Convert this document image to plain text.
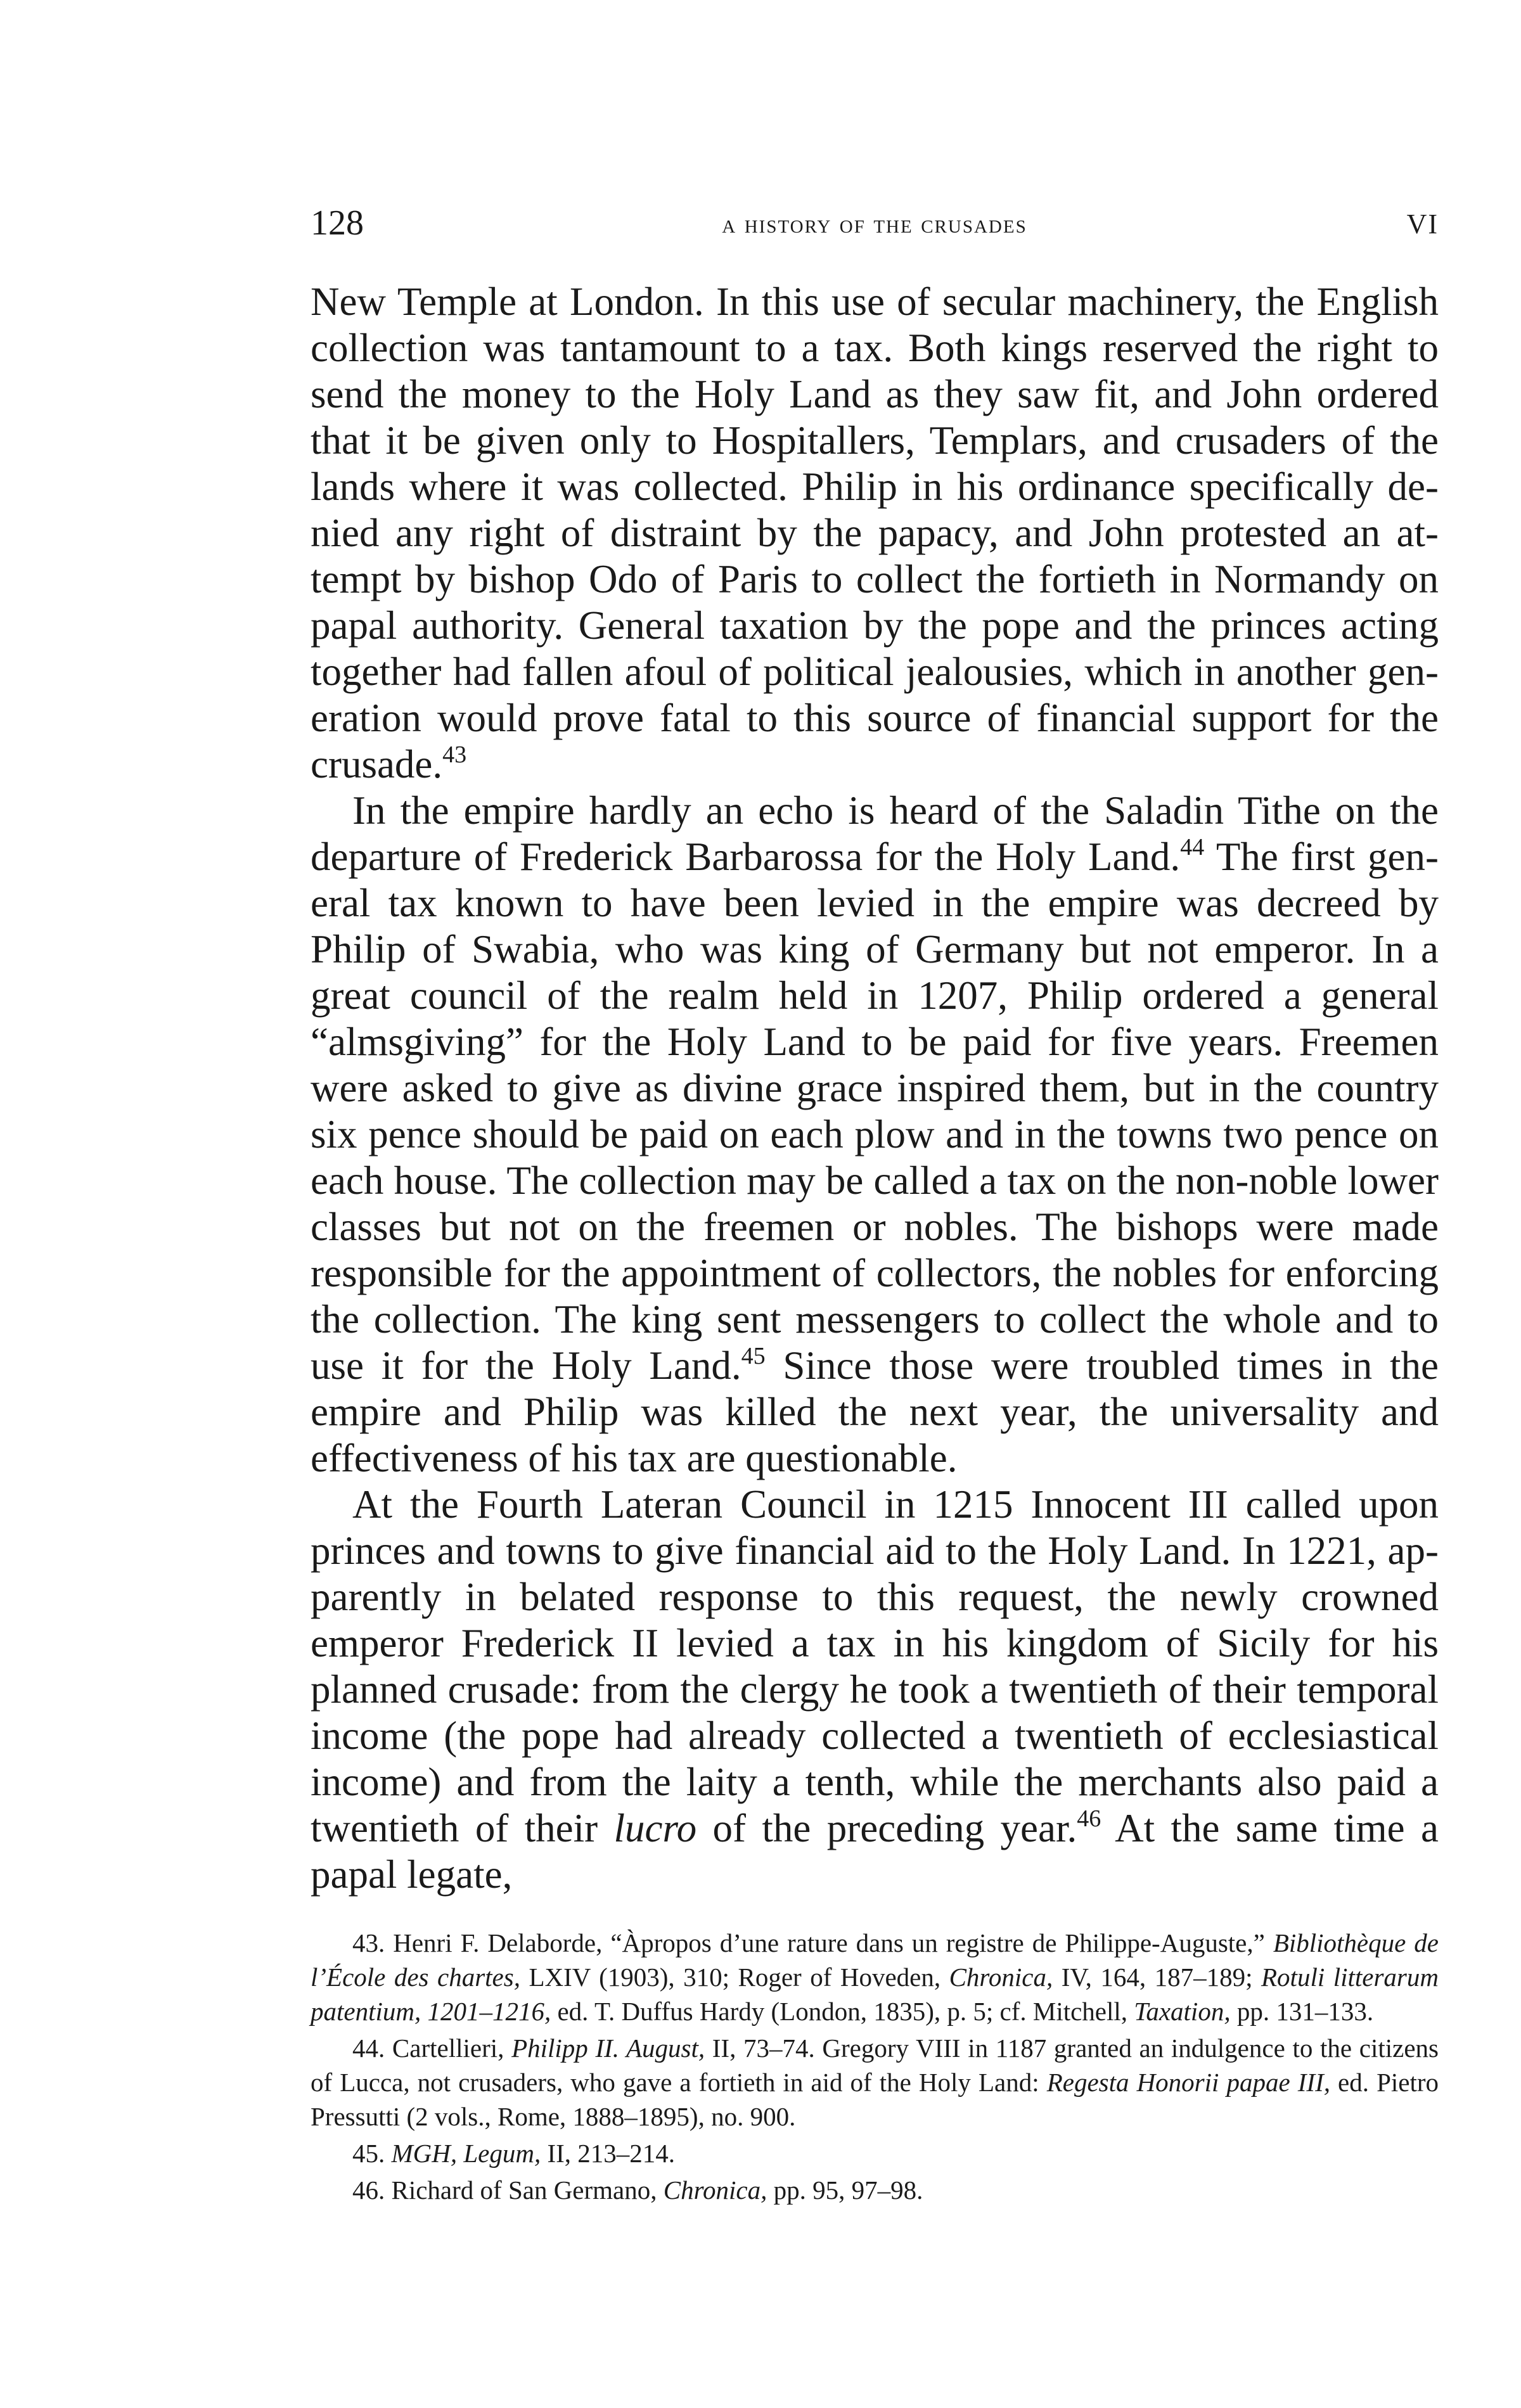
128	a history of the crusades	VI

New Temple at London. In this use of secular machinery, the English collection was tantamount to a tax. Both kings reserved the right to send the money to the Holy Land as they saw fit, and John ordered that it be given only to Hospitallers, Templars, and crusaders of the lands where it was collected. Philip in his ordinance specifically denied any right of distraint by the papacy, and John protested an attempt by bishop Odo of Paris to collect the fortieth in Normandy on papal authority. General taxation by the pope and the princes acting together had fallen afoul of political jealousies, which in another generation would prove fatal to this source of financial support for the crusade.$^{43}$

In the empire hardly an echo is heard of the Saladin Tithe on the departure of Frederick Barbarossa for the Holy Land.$^{44}$ The first general tax known to have been levied in the empire was decreed by Philip of Swabia, who was king of Germany but not emperor. In a great council of the realm held in 1207, Philip ordered a general “almsgiving” for the Holy Land to be paid for five years. Freemen were asked to give as divine grace inspired them, but in the country six pence should be paid on each plow and in the towns two pence on each house. The collection may be called a tax on the non-noble lower classes but not on the freemen or nobles. The bishops were made responsible for the appointment of collectors, the nobles for enforcing the collection. The king sent messengers to collect the whole and to use it for the Holy Land.$^{45}$ Since those were troubled times in the empire and Philip was killed the next year, the universality and effectiveness of his tax are questionable.

At the Fourth Lateran Council in 1215 Innocent III called upon princes and towns to give financial aid to the Holy Land. In 1221, apparently in belated response to this request, the newly crowned emperor Frederick II levied a tax in his kingdom of Sicily for his planned crusade: from the clergy he took a twentieth of their temporal income (the pope had already collected a twentieth of ecclesiastical income) and from the laity a tenth, while the merchants also paid a twentieth of their lucro of the preceding year.$^{46}$ At the same time a papal legate,

43. Henri F. Delaborde, “Àpropos d’une rature dans un registre de Philippe-Auguste,” Bibliothèque de l’École des chartes, LXIV (1903), 310; Roger of Hoveden, Chronica, IV, 164, 187–189; Rotuli litterarum patentium, 1201–1216, ed. T. Duffus Hardy (London, 1835), p. 5; cf. Mitchell, Taxation, pp. 131–133.

44. Cartellieri, Philipp II. August, II, 73–74. Gregory VIII in 1187 granted an indulgence to the citizens of Lucca, not crusaders, who gave a fortieth in aid of the Holy Land: Regesta Honorii papae III, ed. Pietro Pressutti (2 vols., Rome, 1888–1895), no. 900.

45. MGH, Legum, II, 213–214.

46. Richard of San Germano, Chronica, pp. 95, 97–98.
